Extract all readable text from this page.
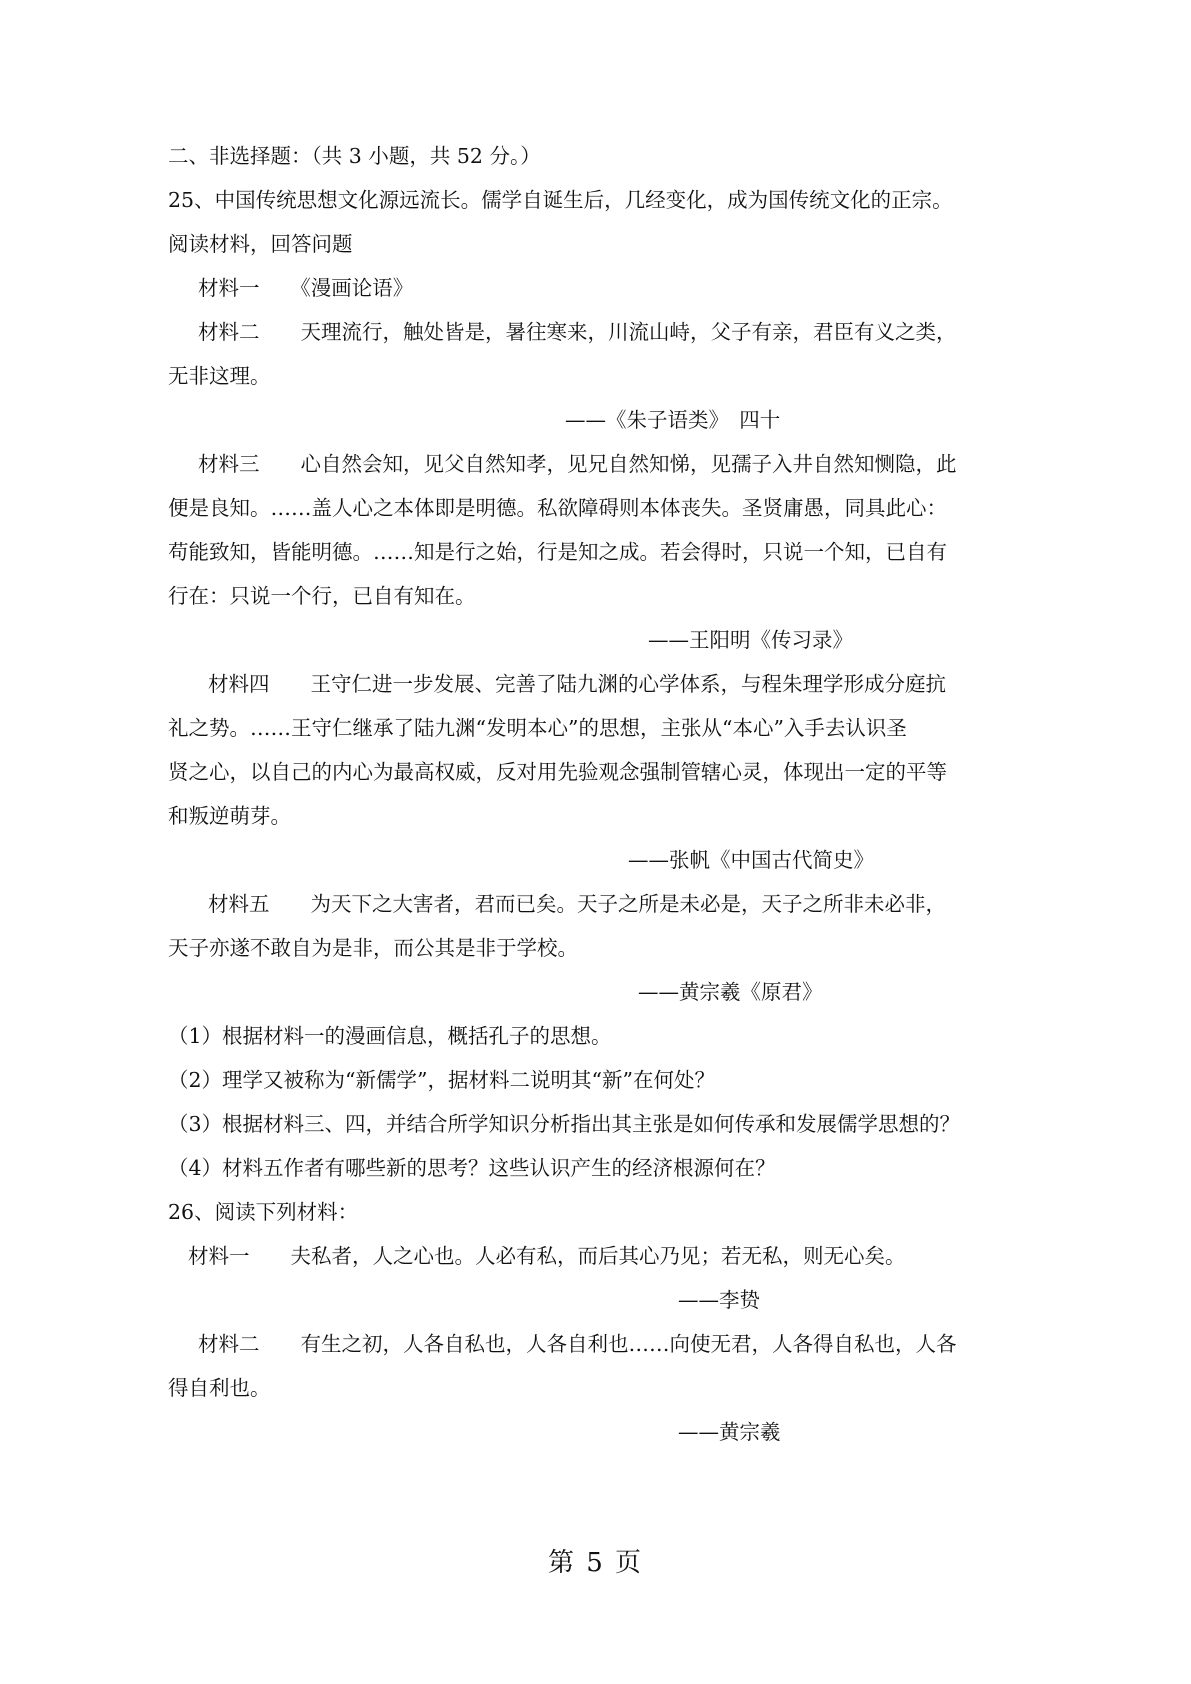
二、非选择题：（共 3 小题，共 52 分。）
25、中国传统思想文化源远流长。儒学自诞生后，几经变化，成为国传统文化的正宗。
阅读材料，回答问题
材料一　　《漫画论语》
材料二　　天理流行，触处皆是，暑往寒来，川流山峙，父子有亲，君臣有义之类，
无非这理。
——《朱子语类》　四十
材料三　　心自然会知，见父自然知孝，见兄自然知悌，见孺子入井自然知恻隐，此
便是良知。……盖人心之本体即是明德。私欲障碍则本体丧失。圣贤庸愚，同具此心：
苟能致知，皆能明德。……知是行之始，行是知之成。若会得时，只说一个知，已自有
行在：只说一个行，已自有知在。
——王阳明《传习录》
材料四　　王守仁进一步发展、完善了陆九渊的心学体系，与程朱理学形成分庭抗
礼之势。……王守仁继承了陆九渊“发明本心”的思想，主张从“本心”入手去认识圣
贤之心，以自己的内心为最高权威，反对用先验观念强制管辖心灵，体现出一定的平等
和叛逆萌芽。
——张帆《中国古代简史》
材料五　　为天下之大害者，君而已矣。天子之所是未必是，天子之所非未必非，
天子亦遂不敢自为是非，而公其是非于学校。
——黄宗羲《原君》
（1）根据材料一的漫画信息，概括孔子的思想。
（2）理学又被称为“新儒学”，据材料二说明其“新”在何处？
（3）根据材料三、四，并结合所学知识分析指出其主张是如何传承和发展儒学思想的？
（4）材料五作者有哪些新的思考？这些认识产生的经济根源何在？
26、阅读下列材料：
材料一　　夫私者，人之心也。人必有私，而后其心乃见；若无私，则无心矣。
——李贽
材料二　　有生之初，人各自私也，人各自利也……向使无君，人各得自私也，人各
得自利也。
——黄宗羲
第 5 页
